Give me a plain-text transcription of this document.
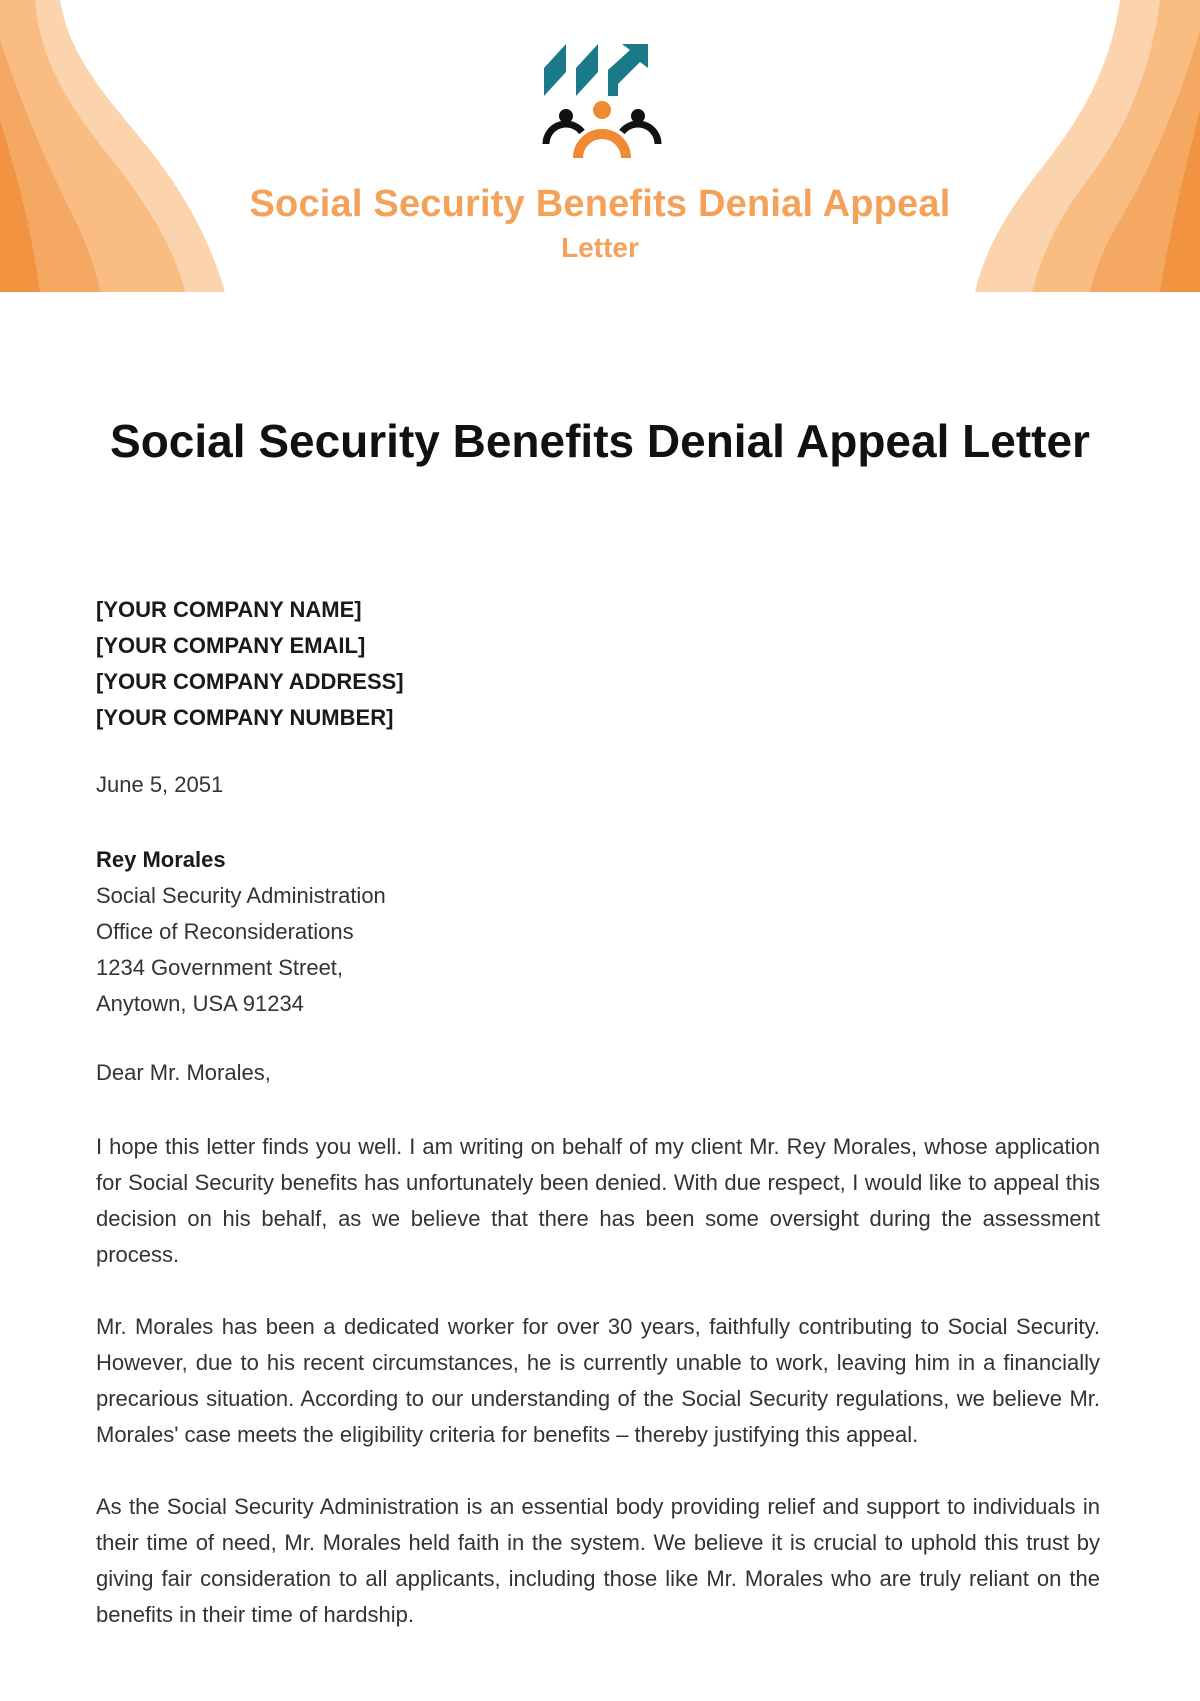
Social Security Benefits Denial Appeal
Letter
Social Security Benefits Denial Appeal Letter
[YOUR COMPANY NAME]
[YOUR COMPANY EMAIL]
[YOUR COMPANY ADDRESS]
[YOUR COMPANY NUMBER]
June 5, 2051
Rey Morales
Social Security Administration
Office of Reconsiderations
1234 Government Street,
Anytown, USA 91234
Dear Mr. Morales,

I hope this letter finds you well. I am writing on behalf of my client Mr. Rey Morales, whose application for Social Security benefits has unfortunately been denied. With due respect, I would like to appeal this decision on his behalf, as we believe that there has been some oversight during the assessment process.

Mr. Morales has been a dedicated worker for over 30 years, faithfully contributing to Social Security. However, due to his recent circumstances, he is currently unable to work, leaving him in a financially precarious situation. According to our understanding of the Social Security regulations, we believe Mr. Morales' case meets the eligibility criteria for benefits – thereby justifying this appeal.

As the Social Security Administration is an essential body providing relief and support to individuals in their time of need, Mr. Morales held faith in the system. We believe it is crucial to uphold this trust by giving fair consideration to all applicants, including those like Mr. Morales who are truly reliant on the benefits in their time of hardship.
